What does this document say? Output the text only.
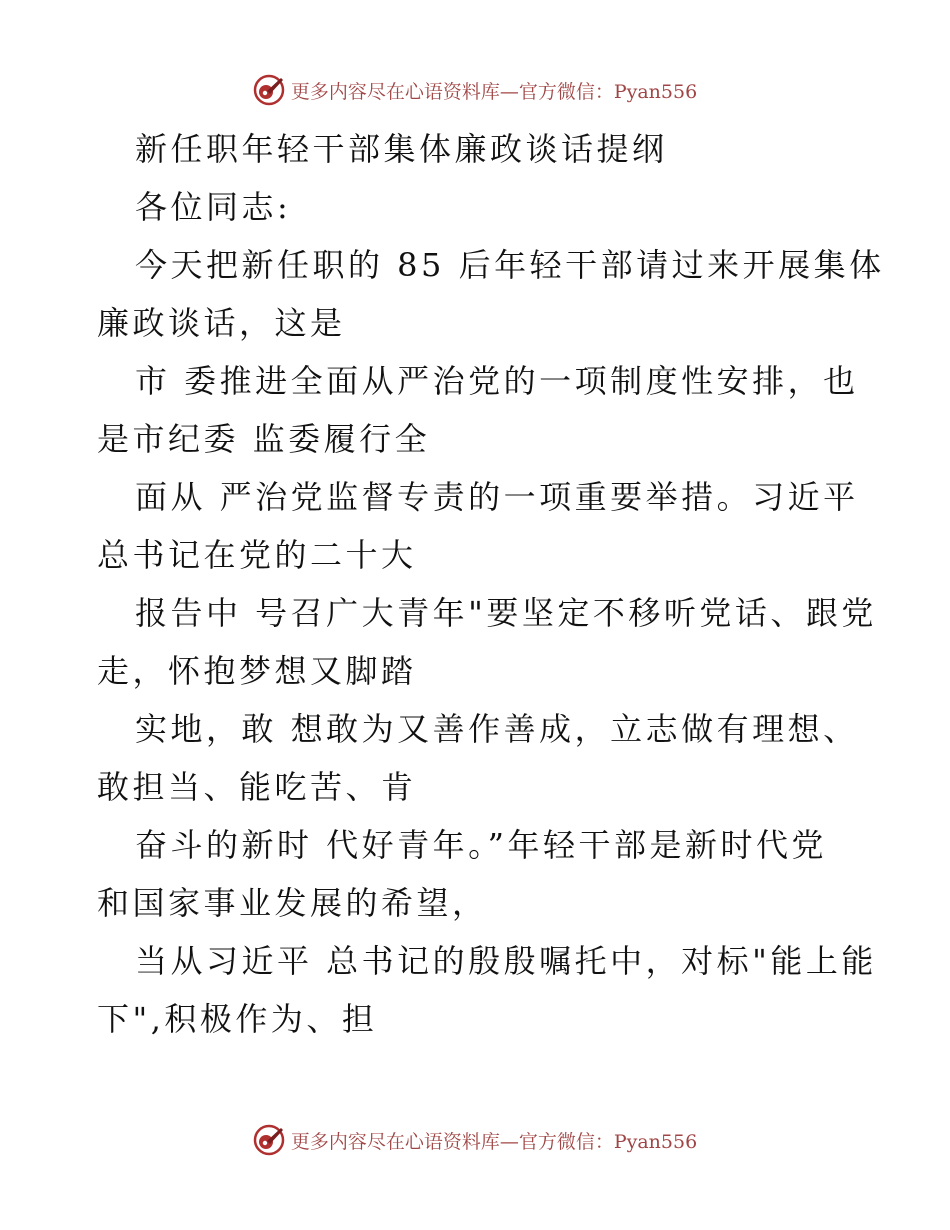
更多内容尽在心语资料库—官方微信：Pyan556
新任职年轻干部集体廉政谈话提纲
各位同志:
今天把新任职的 85 后年轻干部请过来开展集体
廉政谈话，这是
市 委推进全面从严治党的一项制度性安排，也
是市纪委 监委履行全
面从 严治党监督专责的一项重要举措。习近平
总书记在党的二十大
报告中 号召广大青年"要坚定不移听党话、跟党
走，怀抱梦想又脚踏
实地，敢 想敢为又善作善成，立志做有理想、
敢担当、能吃苦、肯
奋斗的新时 代好青年。”年轻干部是新时代党
和国家事业发展的希望，
当从习近平 总书记的殷殷嘱托中，对标"能上能
下",积极作为、担
更多内容尽在心语资料库—官方微信：Pyan556
